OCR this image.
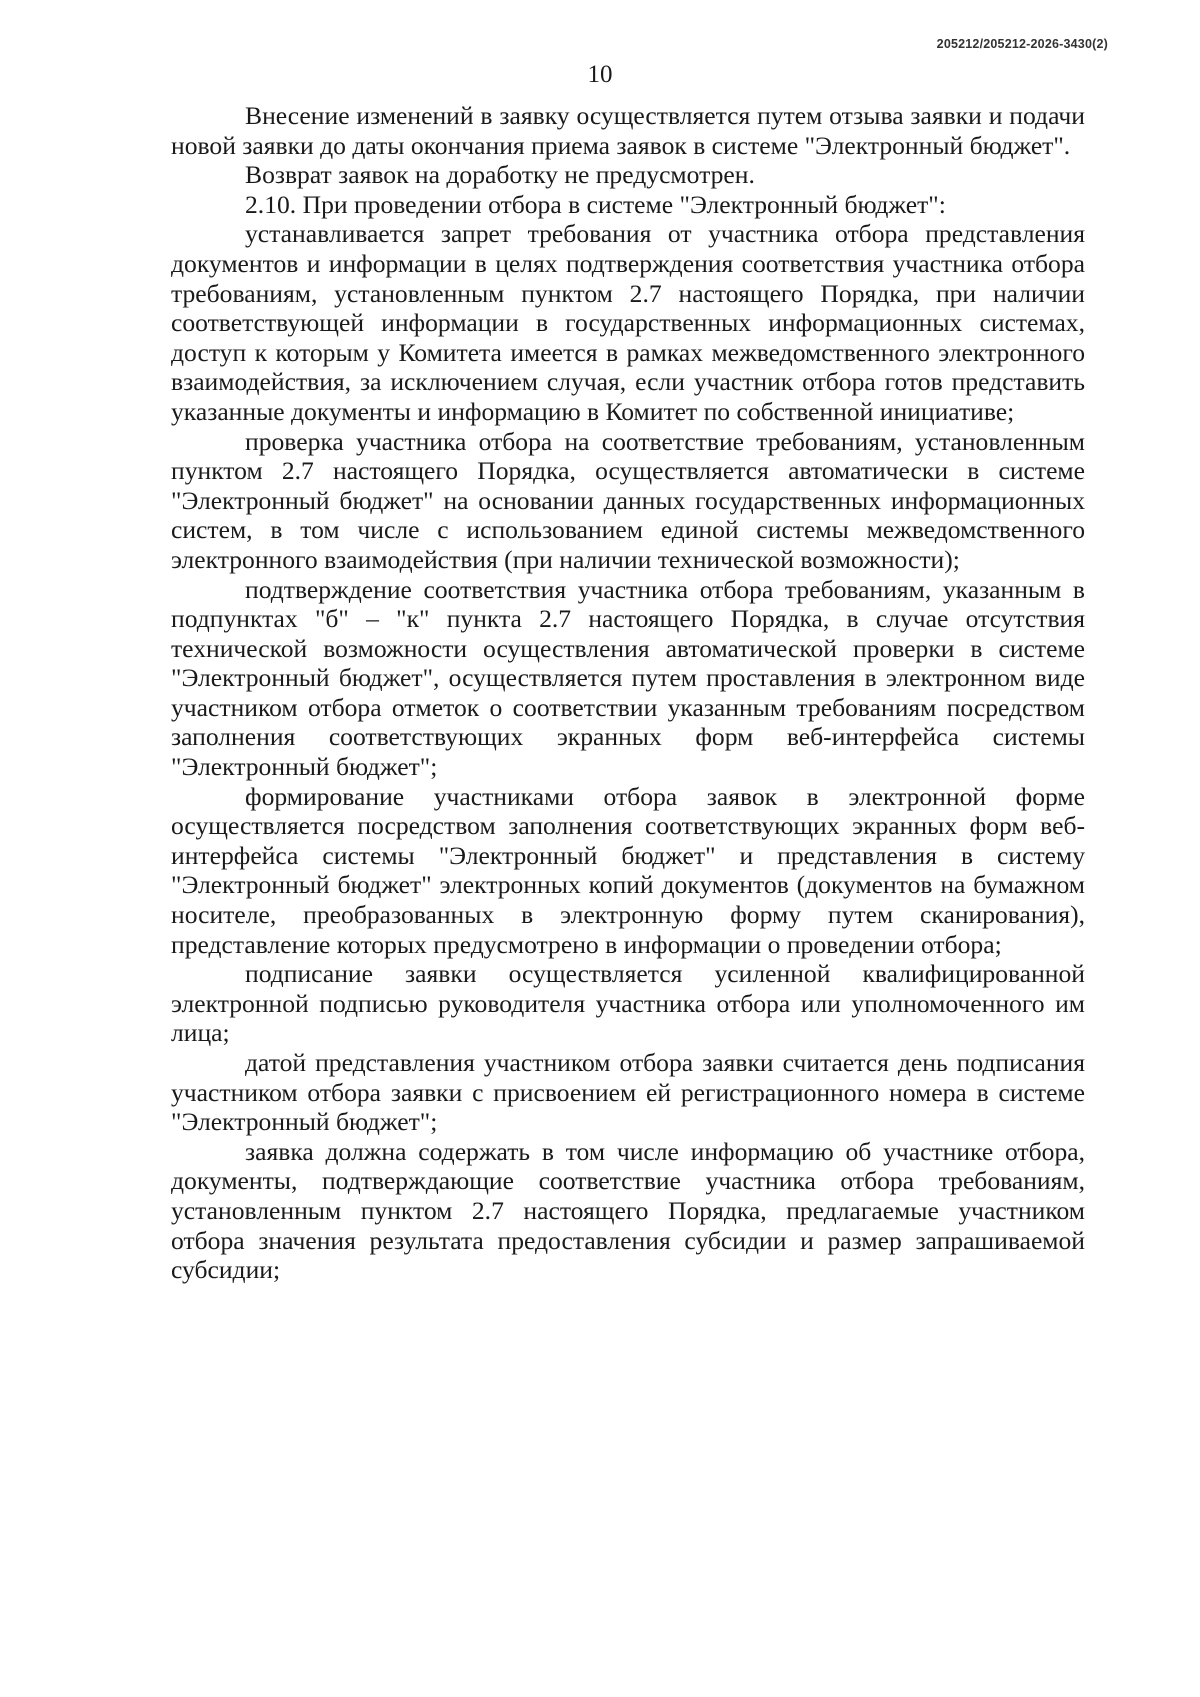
205212/205212-2026-3430(2)
10

Внесение изменений в заявку осуществляется путем отзыва заявки и подачи новой заявки до даты окончания приема заявок в системе "Электронный бюджет".

Возврат заявок на доработку не предусмотрен.

2.10. При проведении отбора в системе "Электронный бюджет":

устанавливается запрет требования от участника отбора представления документов и информации в целях подтверждения соответствия участника отбора требованиям, установленным пунктом 2.7 настоящего Порядка, при наличии соответствующей информации в государственных информационных системах, доступ к которым у Комитета имеется в рамках межведомственного электронного взаимодействия, за исключением случая, если участник отбора готов представить указанные документы и информацию в Комитет по собственной инициативе;

проверка участника отбора на соответствие требованиям, установленным пунктом 2.7 настоящего Порядка, осуществляется автоматически в системе "Электронный бюджет" на основании данных государственных информационных систем, в том числе с использованием единой системы межведомственного электронного взаимодействия (при наличии технической возможности);

подтверждение соответствия участника отбора требованиям, указанным в подпунктах "б" – "к" пункта 2.7 настоящего Порядка, в случае отсутствия технической возможности осуществления автоматической проверки в системе "Электронный бюджет", осуществляется путем проставления в электронном виде участником отбора отметок о соответствии указанным требованиям посредством заполнения соответствующих экранных форм веб-интерфейса системы "Электронный бюджет";

формирование участниками отбора заявок в электронной форме осуществляется посредством заполнения соответствующих экранных форм веб-интерфейса системы "Электронный бюджет" и представления в систему "Электронный бюджет" электронных копий документов (документов на бумажном носителе, преобразованных в электронную форму путем сканирования), представление которых предусмотрено в информации о проведении отбора;

подписание заявки осуществляется усиленной квалифицированной электронной подписью руководителя участника отбора или уполномоченного им лица;

датой представления участником отбора заявки считается день подписания участником отбора заявки с присвоением ей регистрационного номера в системе "Электронный бюджет";

заявка должна содержать в том числе информацию об участнике отбора, документы, подтверждающие соответствие участника отбора требованиям, установленным пунктом 2.7 настоящего Порядка, предлагаемые участником отбора значения результата предоставления субсидии и размер запрашиваемой субсидии;
